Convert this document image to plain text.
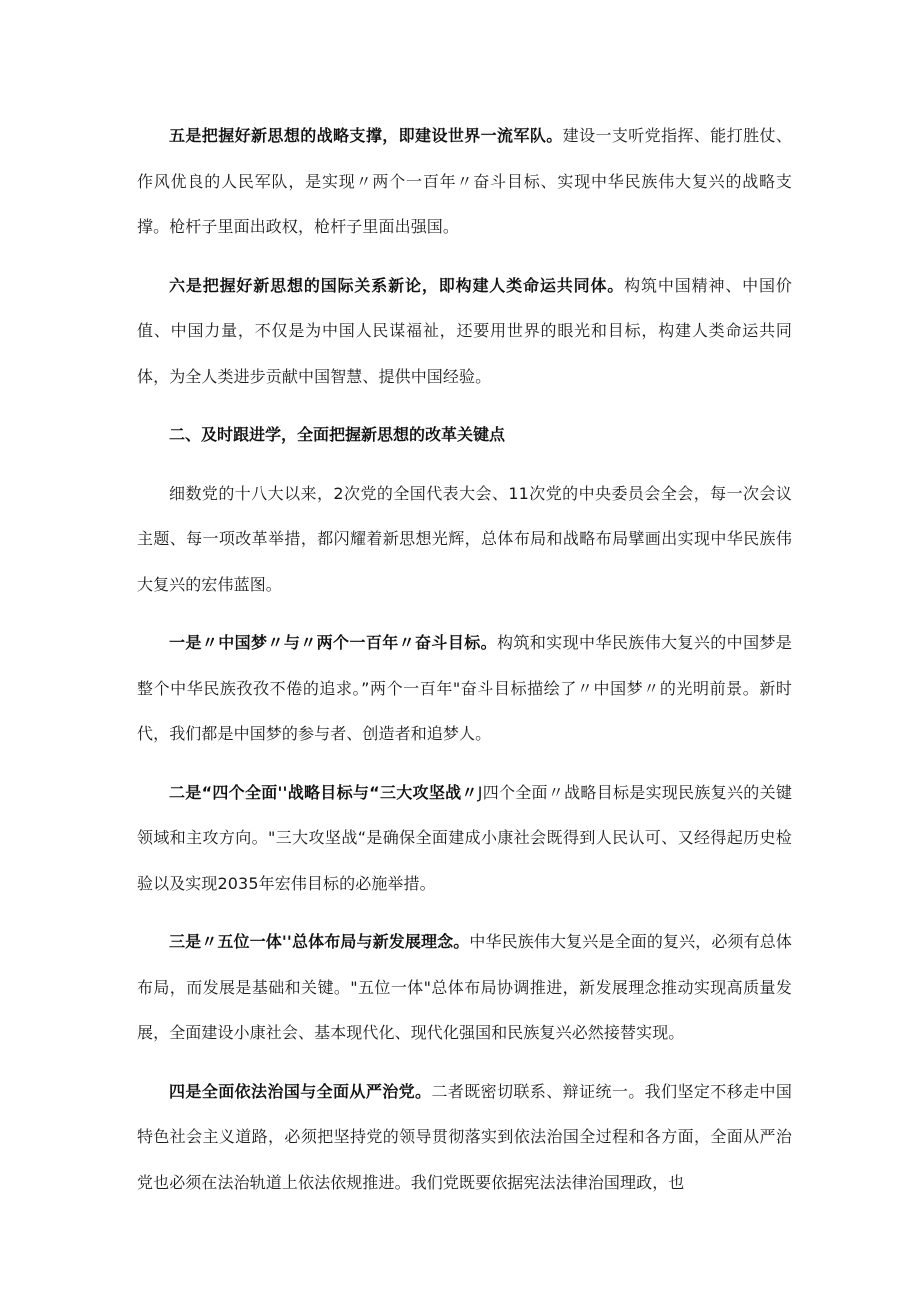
五是把握好新思想的战略支撑，即建设世界一流军队。建设一支听党指挥、能打胜仗、作风优良的人民军队，是实现〃两个一百年〃奋斗目标、实现中华民族伟大复兴的战略支撑。枪杆子里面出政权，枪杆子里面出强国。

六是把握好新思想的国际关系新论，即构建人类命运共同体。构筑中国精神、中国价值、中国力量，不仅是为中国人民谋福祉，还要用世界的眼光和目标，构建人类命运共同体，为全人类进步贡献中国智慧、提供中国经验。

二、及时跟进学，全面把握新思想的改革关键点

细数党的十八大以来，2次党的全国代表大会、11次党的中央委员会全会，每一次会议主题、每一项改革举措，都闪耀着新思想光辉，总体布局和战略布局擘画出实现中华民族伟大复兴的宏伟蓝图。

一是〃中国梦〃与〃两个一百年〃奋斗目标。构筑和实现中华民族伟大复兴的中国梦是整个中华民族孜孜不倦的追求。”两个一百年"奋斗目标描绘了〃中国梦〃的光明前景。新时代，我们都是中国梦的参与者、创造者和追梦人。

二是“四个全面''战略目标与“三大攻坚战〃J四个全面〃战略目标是实现民族复兴的关键领域和主攻方向。"三大攻坚战“是确保全面建成小康社会既得到人民认可、又经得起历史检验以及实现2035年宏伟目标的必施举措。

三是〃五位一体''总体布局与新发展理念。中华民族伟大复兴是全面的复兴，必须有总体布局，而发展是基础和关键。"五位一体"总体布局协调推进，新发展理念推动实现高质量发展，全面建设小康社会、基本现代化、现代化强国和民族复兴必然接替实现。

四是全面依法治国与全面从严治党。二者既密切联系、辩证统一。我们坚定不移走中国特色社会主义道路，必须把坚持党的领导贯彻落实到依法治国全过程和各方面，全面从严治党也必须在法治轨道上依法依规推进。我们党既要依据宪法法律治国理政，也
